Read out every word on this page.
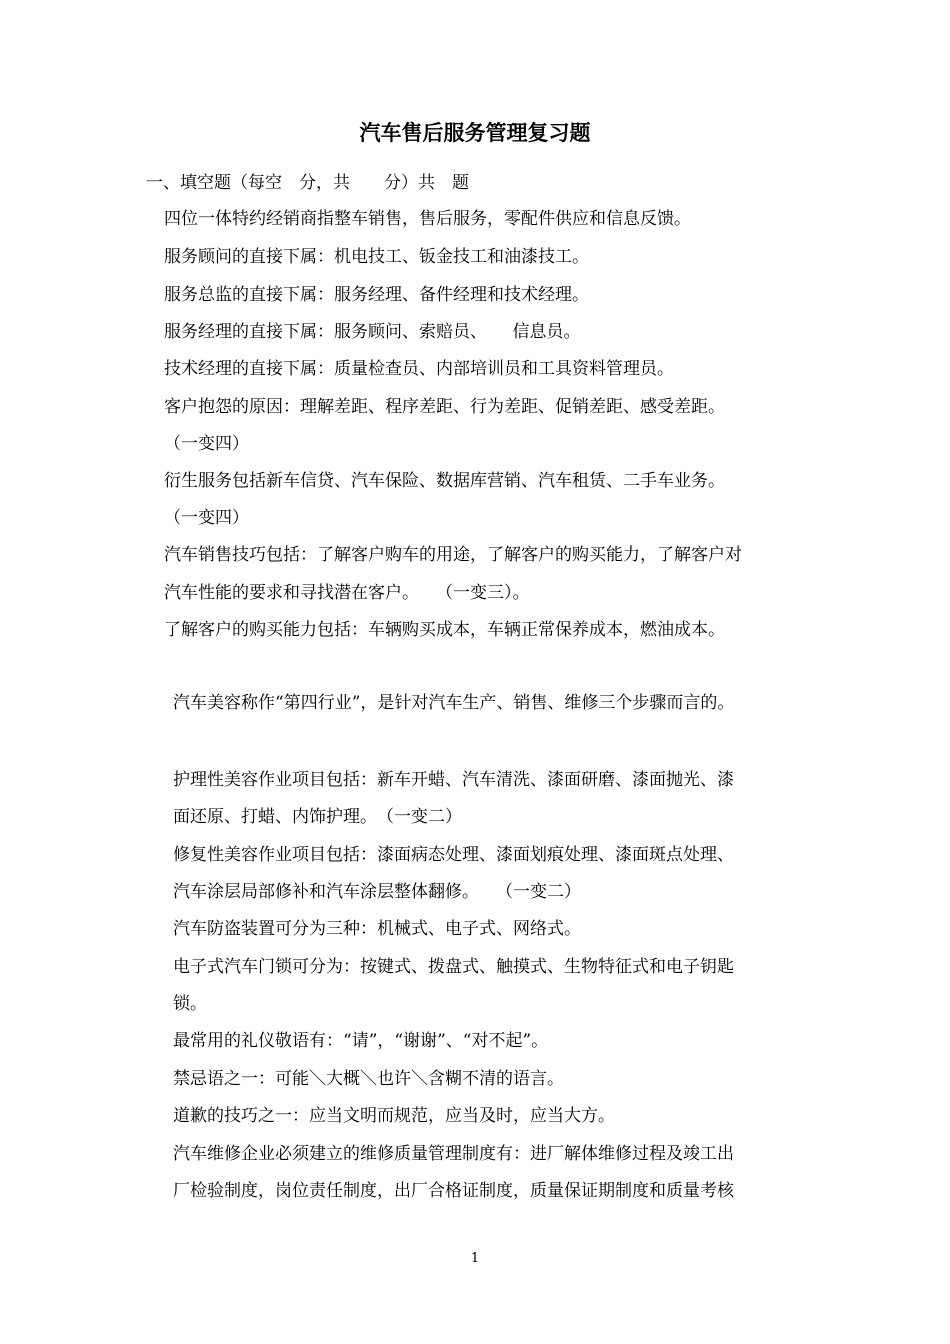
汽车售后服务管理复习题
一、填空题（每空　分，共　　分）共　题
四位一体特约经销商指整车销售，售后服务，零配件供应和信息反馈。
服务顾问的直接下属：机电技工、钣金技工和油漆技工。
服务总监的直接下属：服务经理、备件经理和技术经理。
服务经理的直接下属：服务顾问、索赔员、　　信息员。
技术经理的直接下属：质量检查员、内部培训员和工具资料管理员。
客户抱怨的原因：理解差距、程序差距、行为差距、促销差距、感受差距。
（一变四）
衍生服务包括新车信贷、汽车保险、数据库营销、汽车租赁、二手车业务。
（一变四）
汽车销售技巧包括：了解客户购车的用途，了解客户的购买能力，了解客户对
汽车性能的要求和寻找潜在客户。　　（一变三）。
了解客户的购买能力包括：车辆购买成本，车辆正常保养成本，燃油成本。
汽车美容称作“第四行业”，是针对汽车生产、销售、维修三个步骤而言的。
护理性美容作业项目包括：新车开蜡、汽车清洗、漆面研磨、漆面抛光、漆
面还原、打蜡、内饰护理。　（一变二）
修复性美容作业项目包括：漆面病态处理、漆面划痕处理、漆面斑点处理、
汽车涂层局部修补和汽车涂层整体翻修。　　（一变二）
汽车防盗装置可分为三种：机械式、电子式、网络式。
电子式汽车门锁可分为：按键式、拨盘式、触摸式、生物特征式和电子钥匙
锁。
最常用的礼仪敬语有：“请”，“谢谢”、“对不起”。
禁忌语之一：可能＼大概＼也许＼含糊不清的语言。
道歉的技巧之一：应当文明而规范，应当及时，应当大方。
汽车维修企业必须建立的维修质量管理制度有：进厂解体维修过程及竣工出
厂检验制度，岗位责任制度，出厂合格证制度，质量保证期制度和质量考核
1
